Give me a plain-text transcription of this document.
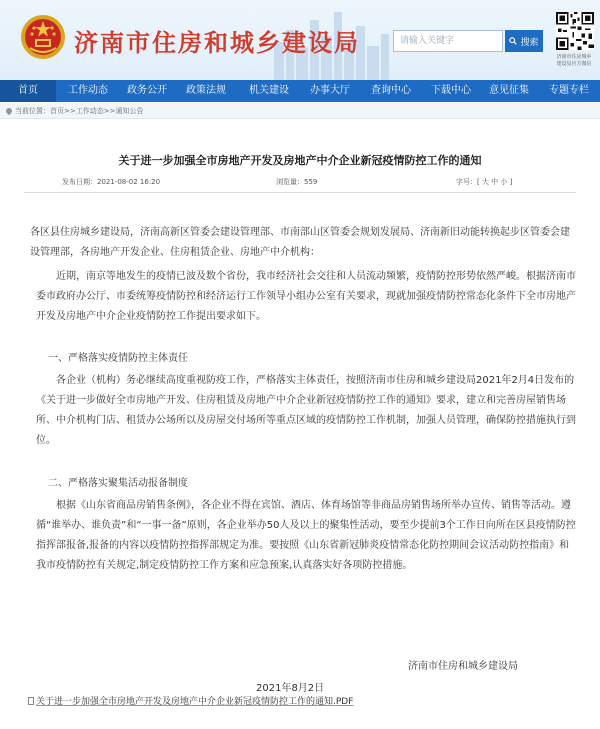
济南市住房和城乡建设局
请输入关键字	搜索
济南市住房城乡
建设局官方微信
首页	工作动态	政务公开	政策法规	机关建设	办事大厅	查询中心	下载中心	意见征集	专题专栏
当前位置：首页>>工作动态>>通知公告
关于进一步加强全市房地产开发及房地产中介企业新冠疫情防控工作的通知
发布日期：2021-08-02 16:20	浏览量：559	字号：[ 大 中 小 ]
各区县住房城乡建设局，济南高新区管委会建设管理部、市南部山区管委会规划发展局、济南新旧动能转换起步区管委会建设管理部，各房地产开发企业、住房租赁企业、房地产中介机构：
近期，南京等地发生的疫情已波及数个省份，我市经济社会交往和人员流动频繁，疫情防控形势依然严峻。根据济南市委市政府办公厅、市委统筹疫情防控和经济运行工作领导小组办公室有关要求，现就加强疫情防控常态化条件下全市房地产开发及房地产中介企业疫情防控工作提出要求如下。
一、严格落实疫情防控主体责任
各企业（机构）务必继续高度重视防疫工作，严格落实主体责任，按照济南市住房和城乡建设局2021年2月4日发布的《关于进一步做好全市房地产开发、住房租赁及房地产中介企业新冠疫情防控工作的通知》要求，建立和完善房屋销售场所、中介机构门店、租赁办公场所以及房屋交付场所等重点区域的疫情防控工作机制，加强人员管理，确保防控措施执行到位。
二、严格落实聚集活动报备制度
根据《山东省商品房销售条例》，各企业不得在宾馆、酒店、体育场馆等非商品房销售场所举办宣传、销售等活动。遵循“谁举办、谁负责”和“一事一备”原则，各企业举办50人及以上的聚集性活动，要至少提前3个工作日向所在区县疫情防控指挥部报备,报备的内容以疫情防控指挥部规定为准。要按照《山东省新冠肺炎疫情常态化防控期间会议活动防控指南》和我市疫情防控有关规定,制定疫情防控工作方案和应急预案,认真落实好各项防控措施。
济南市住房和城乡建设局
2021年8月2日
关于进一步加强全市房地产开发及房地产中介企业新冠疫情防控工作的通知.PDF
